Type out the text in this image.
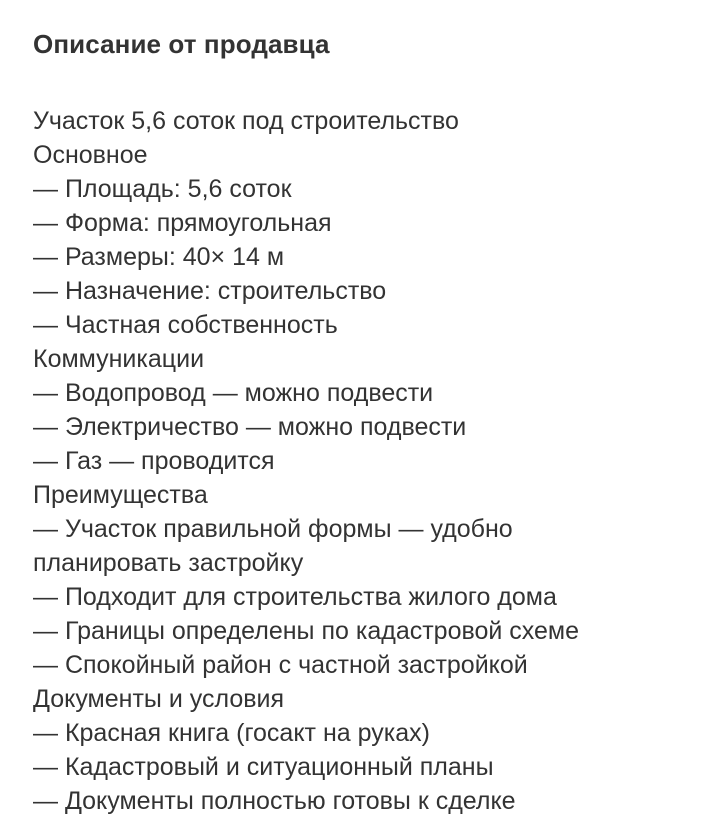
Описание от продавца
Участок 5,6 соток под строительство
Основное
— Площадь: 5,6 соток
— Форма: прямоугольная
— Размеры: 40× 14 м
— Назначение: строительство
— Частная собственность
Коммуникации
— Водопровод — можно подвести
— Электричество — можно подвести
— Газ — проводится
Преимущества
— Участок правильной формы — удобно
планировать застройку
— Подходит для строительства жилого дома
— Границы определены по кадастровой схеме
— Спокойный район с частной застройкой
Документы и условия
— Красная книга (госакт на руках)
— Кадастровый и ситуационный планы
— Документы полностью готовы к сделке
